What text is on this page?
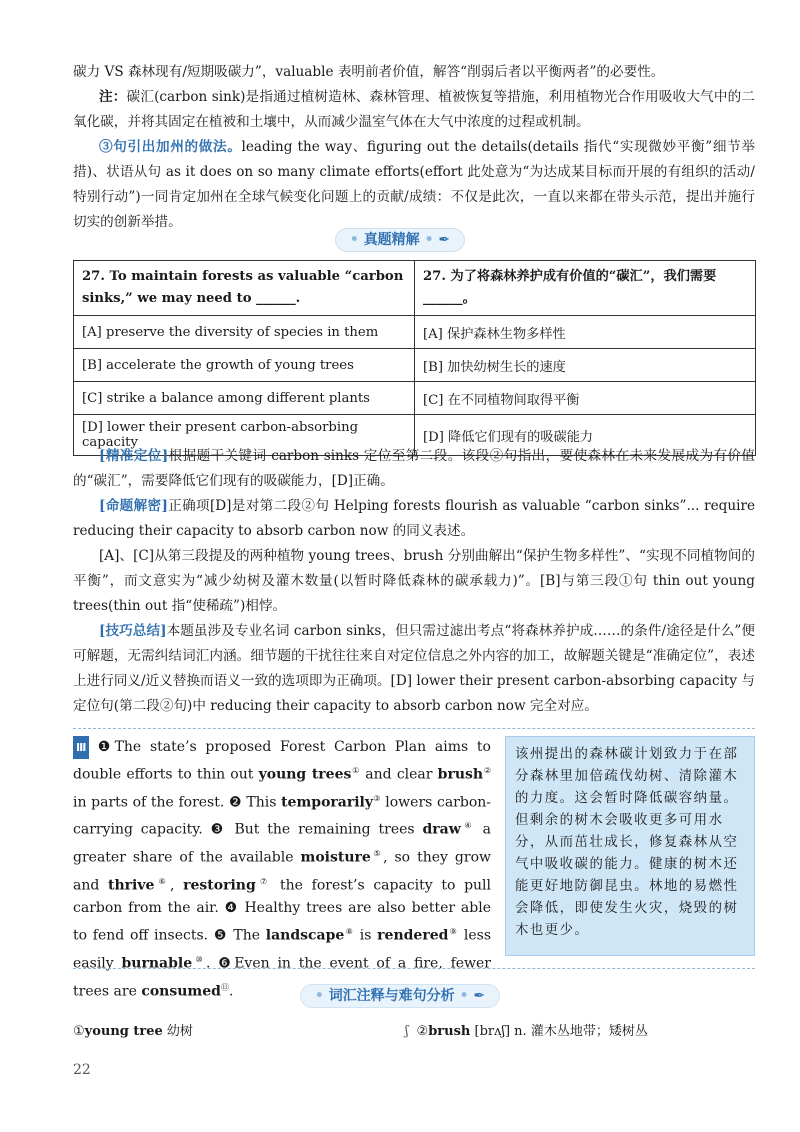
碳力 VS 森林现有/短期吸碳力”，valuable 表明前者价值，解答“削弱后者以平衡两者”的必要性。

注：碳汇(carbon sink)是指通过植树造林、森林管理、植被恢复等措施，利用植物光合作用吸收大气中的二氧化碳，并将其固定在植被和土壤中，从而减少温室气体在大气中浓度的过程或机制。

③句引出加州的做法。leading the way、figuring out the details(details 指代“实现微妙平衡”细节举措)、状语从句 as it does on so many climate efforts(effort 此处意为“为达成某目标而开展的有组织的活动/特别行动”)一同肯定加州在全球气候变化问题上的贡献/成绩：不仅是此次，一直以来都在带头示范，提出并施行切实的创新举措。

• 真题精解 • ✒
27. To maintain forests as valuable “carbon sinks,” we may need to ______.	27. 为了将森林养护成有价值的“碳汇”，我们需要______。
[A] preserve the diversity of species in them	[A] 保护森林生物多样性
[B] accelerate the growth of young trees	[B] 加快幼树生长的速度
[C] strike a balance among different plants	[C] 在不同植物间取得平衡
[D] lower their present carbon-absorbing capacity	[D] 降低它们现有的吸碳能力

[精准定位]根据题干关键词 carbon sinks 定位至第二段。该段②句指出，要使森林在未来发展成为有价值的“碳汇”，需要降低它们现有的吸碳能力，[D]正确。

[命题解密]正确项[D]是对第二段②句 Helping forests flourish as valuable “carbon sinks”... require reducing their capacity to absorb carbon now 的同义表述。

[A]、[C]从第三段提及的两种植物 young trees、brush 分别曲解出“保护生物多样性”、“实现不同植物间的平衡”，而文意实为“减少幼树及灌木数量(以暂时降低森林的碳承载力)”。[B]与第三段①句 thin out young trees(thin out 指“使稀疏”)相悖。

[技巧总结]本题虽涉及专业名词 carbon sinks，但只需过滤出考点“将森林养护成……的条件/途径是什么”便可解题，无需纠结词汇内涵。细节题的干扰往往来自对定位信息之外内容的加工，故解题关键是“准确定位”，表述上进行同义/近义替换而语义一致的选项即为正确项。[D] lower their present carbon-absorbing capacity 与定位句(第二段②句)中 reducing their capacity to absorb carbon now 完全对应。

Ⅲ ❶The state’s proposed Forest Carbon Plan aims to double efforts to thin out young trees① and clear brush② in parts of the forest. ❷ This temporarily③ lowers carbon-carrying capacity. ❸ But the remaining trees draw④ a greater share of the available moisture⑤, so they grow and thrive⑥, restoring⑦ the forest’s capacity to pull carbon from the air. ❹ Healthy trees are also better able to fend off insects. ❺ The landscape⑧ is rendered⑨ less easily burnable⑩. ❻Even in the event of a fire, fewer trees are consumed⑪.
该州提出的森林碳计划致力于在部分森林里加倍疏伐幼树、清除灌木的力度。这会暂时降低碳容纳量。但剩余的树木会吸收更多可用水分，从而茁壮成长，修复森林从空气中吸收碳的能力。健康的树木还能更好地防御昆虫。林地的易燃性会降低，即使发生火灾，烧毁的树木也更少。
• 词汇注释与难句分析 • ✒
①young tree 幼树	ʃ ②brush [brʌʃ] n. 灌木丛地带；矮树丛
22
